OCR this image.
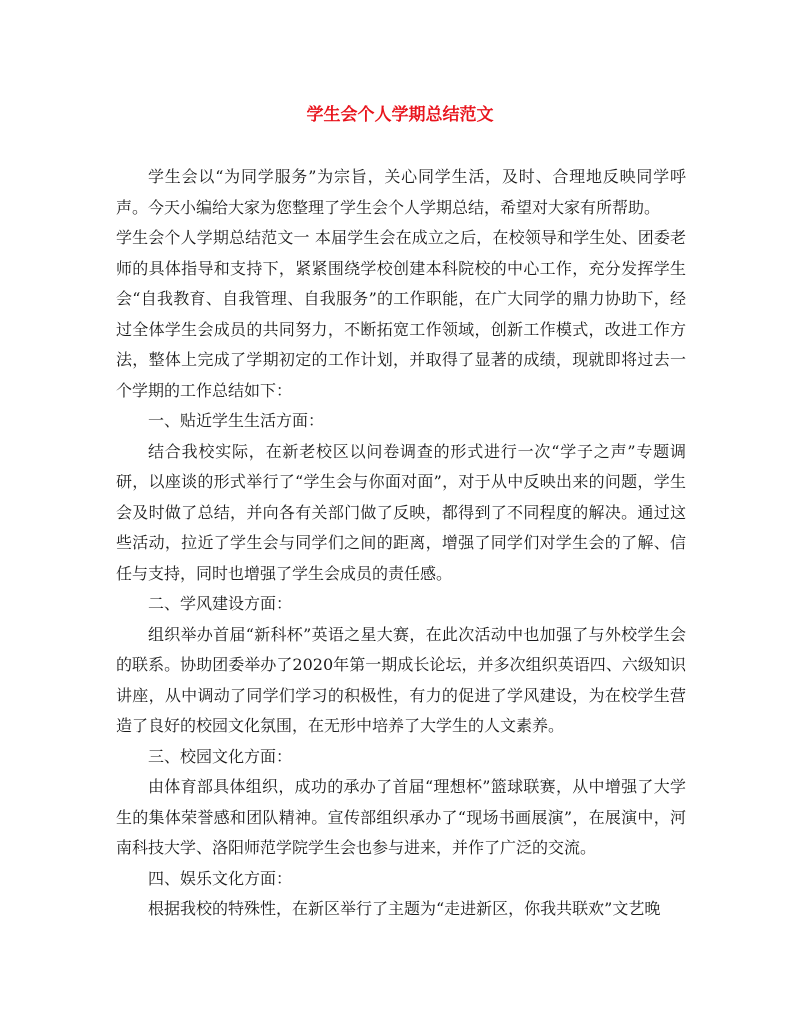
学生会个人学期总结范文

学生会以“为同学服务”为宗旨，关心同学生活，及时、合理地反映同学呼声。今天小编给大家为您整理了学生会个人学期总结，希望对大家有所帮助。

学生会个人学期总结范文一 本届学生会在成立之后，在校领导和学生处、团委老师的具体指导和支持下，紧紧围绕学校创建本科院校的中心工作，充分发挥学生会“自我教育、自我管理、自我服务”的工作职能，在广大同学的鼎力协助下，经过全体学生会成员的共同努力，不断拓宽工作领域，创新工作模式，改进工作方法，整体上完成了学期初定的工作计划，并取得了显著的成绩，现就即将过去一个学期的工作总结如下：

一、贴近学生生活方面：

结合我校实际，在新老校区以问卷调查的形式进行一次“学子之声”专题调研，以座谈的形式举行了“学生会与你面对面”，对于从中反映出来的问题，学生会及时做了总结，并向各有关部门做了反映，都得到了不同程度的解决。通过这些活动，拉近了学生会与同学们之间的距离，增强了同学们对学生会的了解、信任与支持，同时也增强了学生会成员的责任感。

二、学风建设方面：

组织举办首届“新科杯”英语之星大赛，在此次活动中也加强了与外校学生会的联系。协助团委举办了2020年第一期成长论坛，并多次组织英语四、六级知识讲座，从中调动了同学们学习的积极性，有力的促进了学风建设，为在校学生营造了良好的校园文化氛围，在无形中培养了大学生的人文素养。

三、校园文化方面：

由体育部具体组织，成功的承办了首届“理想杯”篮球联赛，从中增强了大学生的集体荣誉感和团队精神。宣传部组织承办了“现场书画展演”，在展演中，河南科技大学、洛阳师范学院学生会也参与进来，并作了广泛的交流。

四、娱乐文化方面：

根据我校的特殊性，在新区举行了主题为“走进新区，你我共联欢”文艺晚
